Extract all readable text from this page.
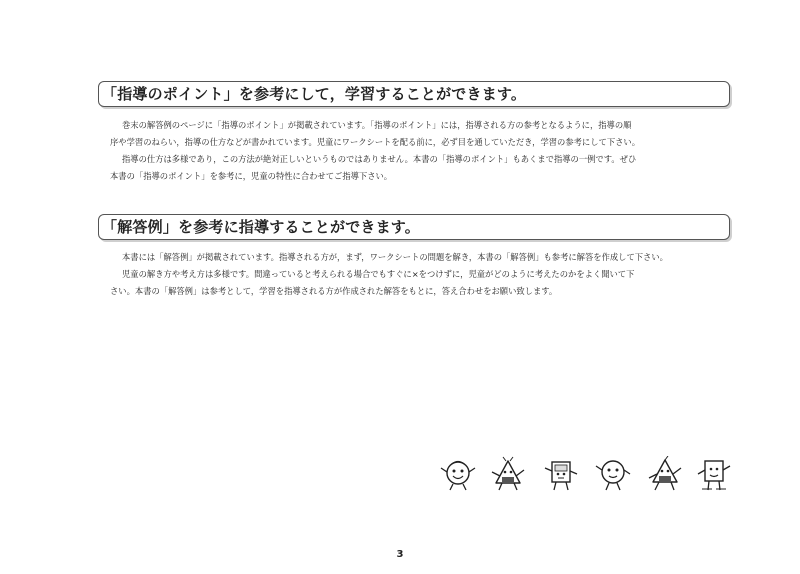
「指導のポイント」を参考にして，学習することができます。
巻末の解答例のページに「指導のポイント」が掲載されています。「指導のポイント」には，指導される方の参考となるように，指導の順
序や学習のねらい，指導の仕方などが書かれています。児童にワークシートを配る前に，必ず目を通していただき，学習の参考にして下さい。
指導の仕方は多様であり，この方法が絶対正しいというものではありません。本書の「指導のポイント」もあくまで指導の一例です。ぜひ
本書の「指導のポイント」を参考に，児童の特性に合わせてご指導下さい。
「解答例」を参考に指導することができます。
本書には「解答例」が掲載されています。指導される方が，まず，ワークシートの問題を解き，本書の「解答例」も参考に解答を作成して下さい。
児童の解き方や考え方は多様です。間違っていると考えられる場合でもすぐに×をつけずに，児童がどのように考えたのかをよく聞いて下
さい。本書の「解答例」は参考として，学習を指導される方が作成された解答をもとに，答え合わせをお願い致します。
3
